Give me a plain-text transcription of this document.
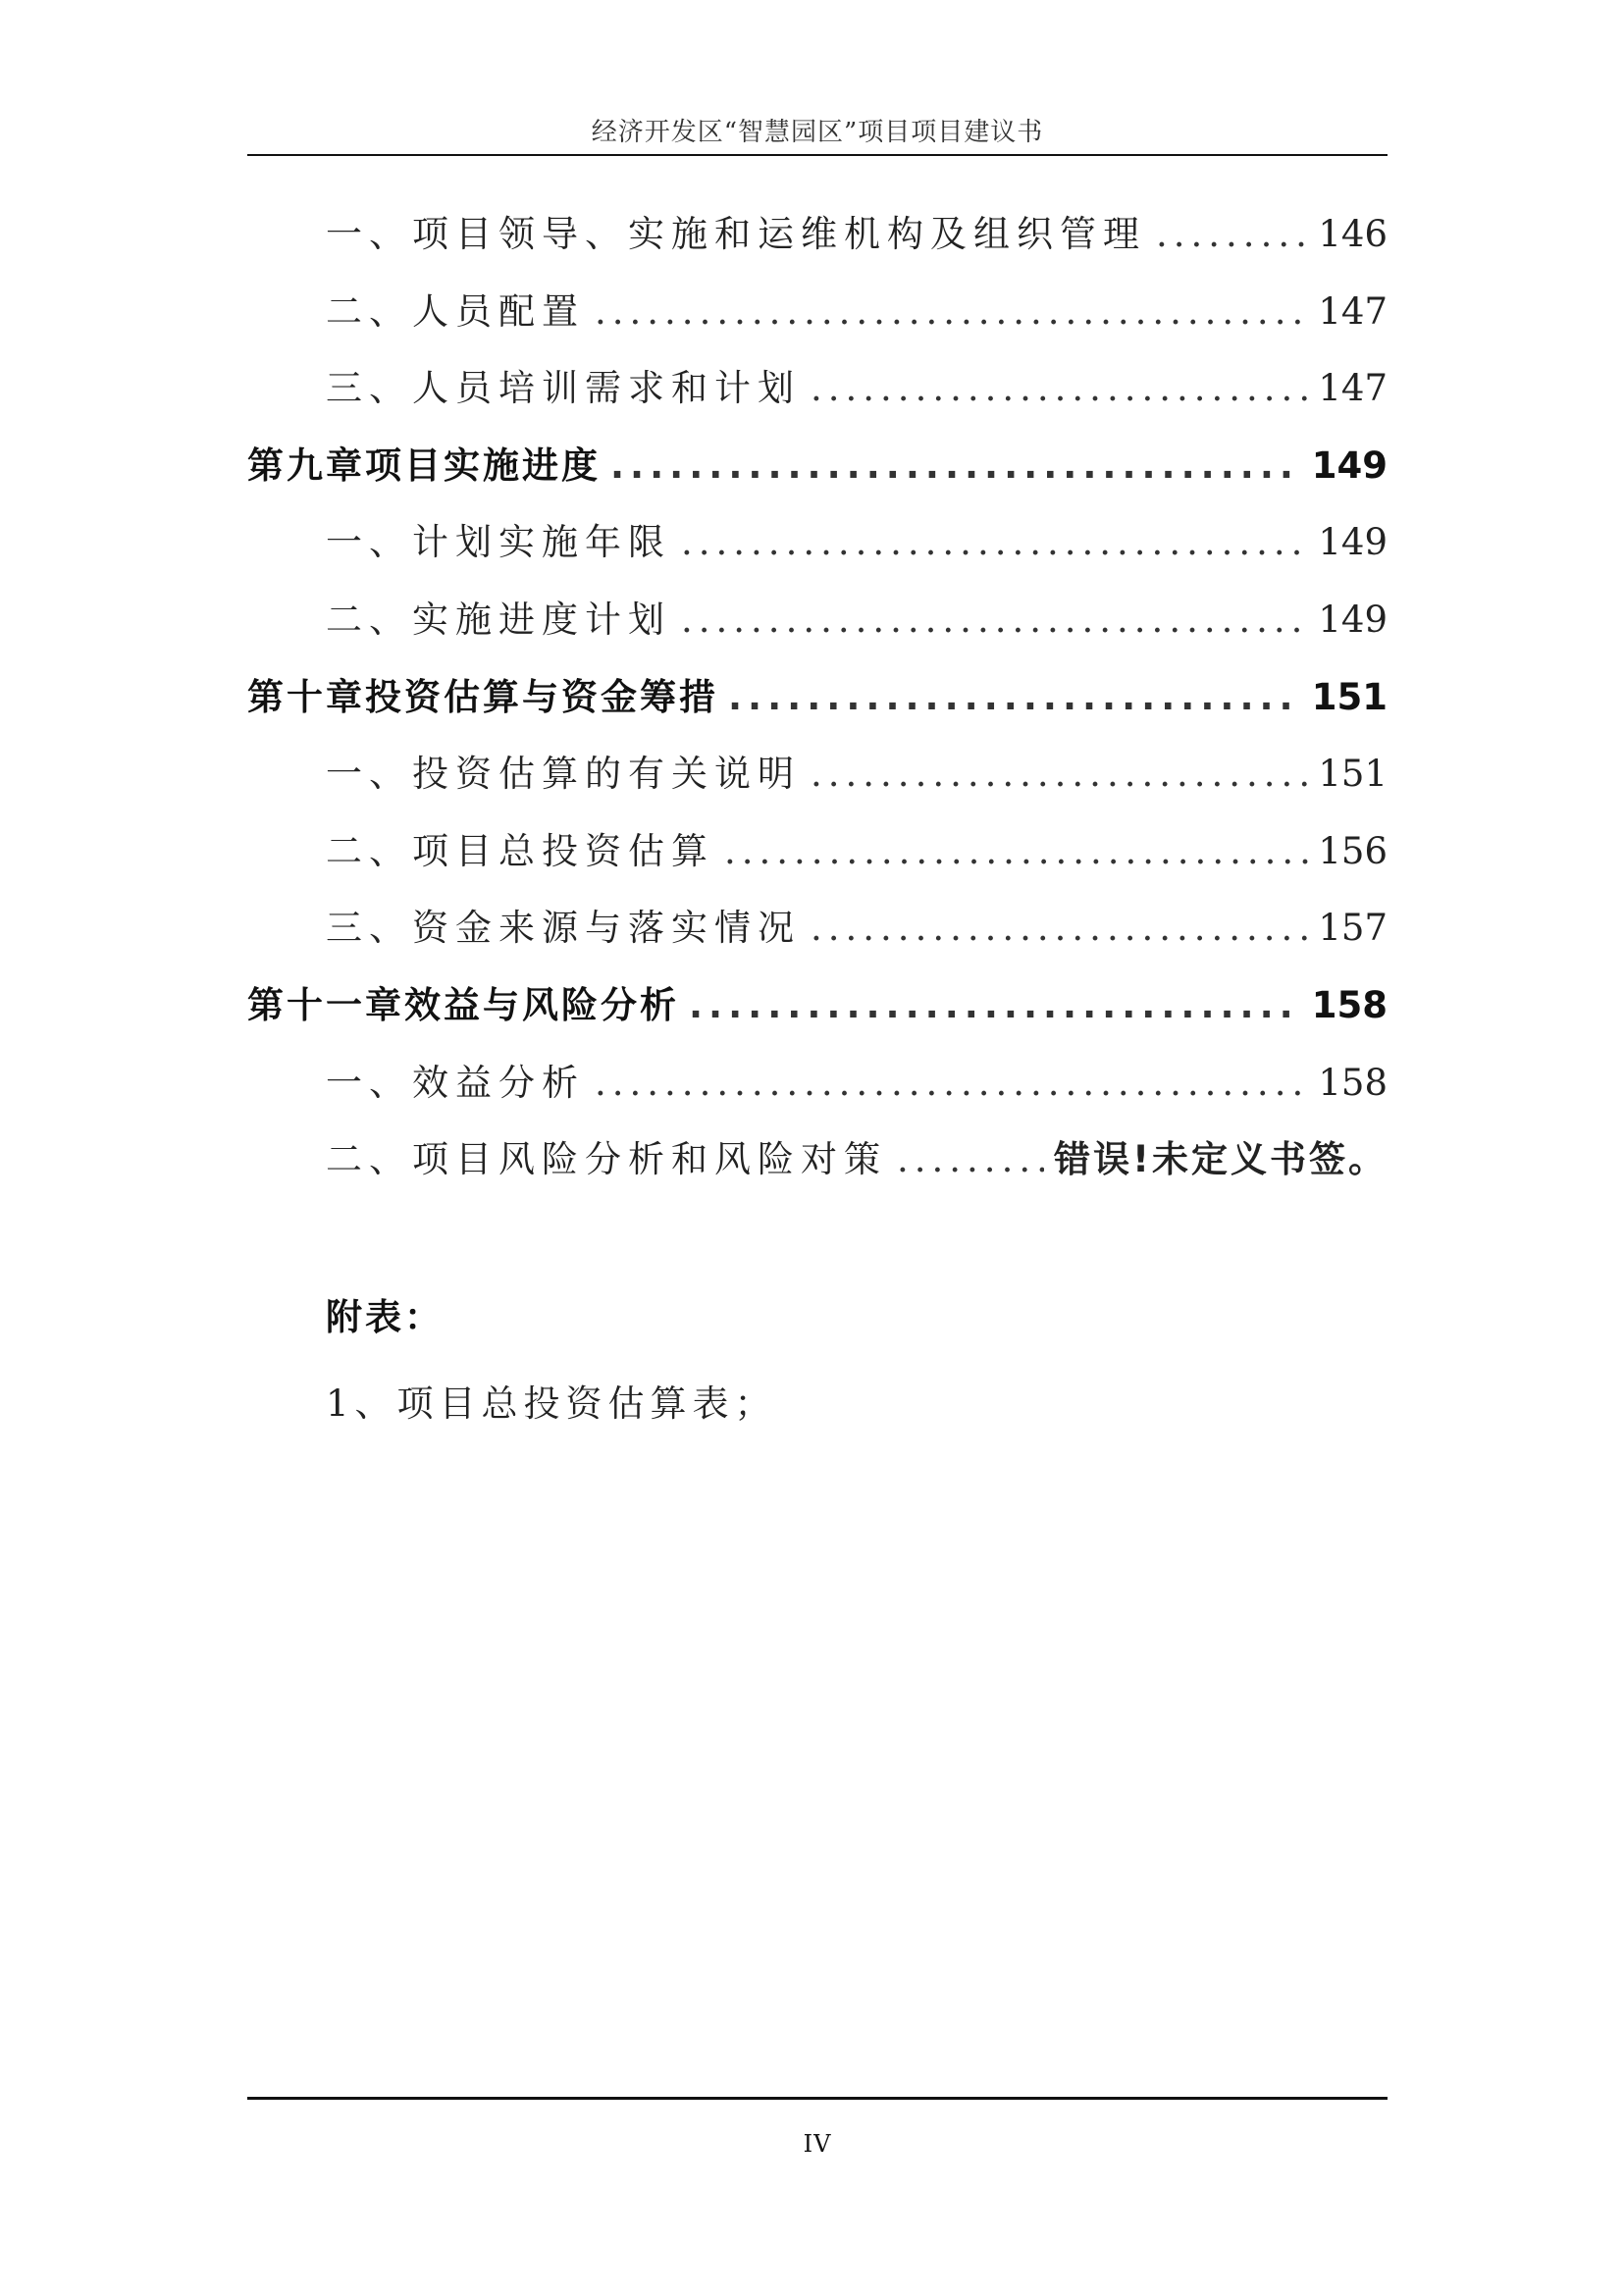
经济开发区“智慧园区”项目项目建议书
一、项目领导、实施和运维机构及组织管理 .....	146
二、人员配置 .....	147
三、人员培训需求和计划 .....	147
第九章项目实施进度 .....	149
一、计划实施年限 .....	149
二、实施进度计划 .....	149
第十章投资估算与资金筹措 .....	151
一、投资估算的有关说明 .....	151
二、项目总投资估算 .....	156
三、资金来源与落实情况 .....	157
第十一章效益与风险分析 .....	158
一、效益分析 .....	158
二、项目风险分析和风险对策 .....	错误!未定义书签。
附表：
1、项目总投资估算表；
IV
